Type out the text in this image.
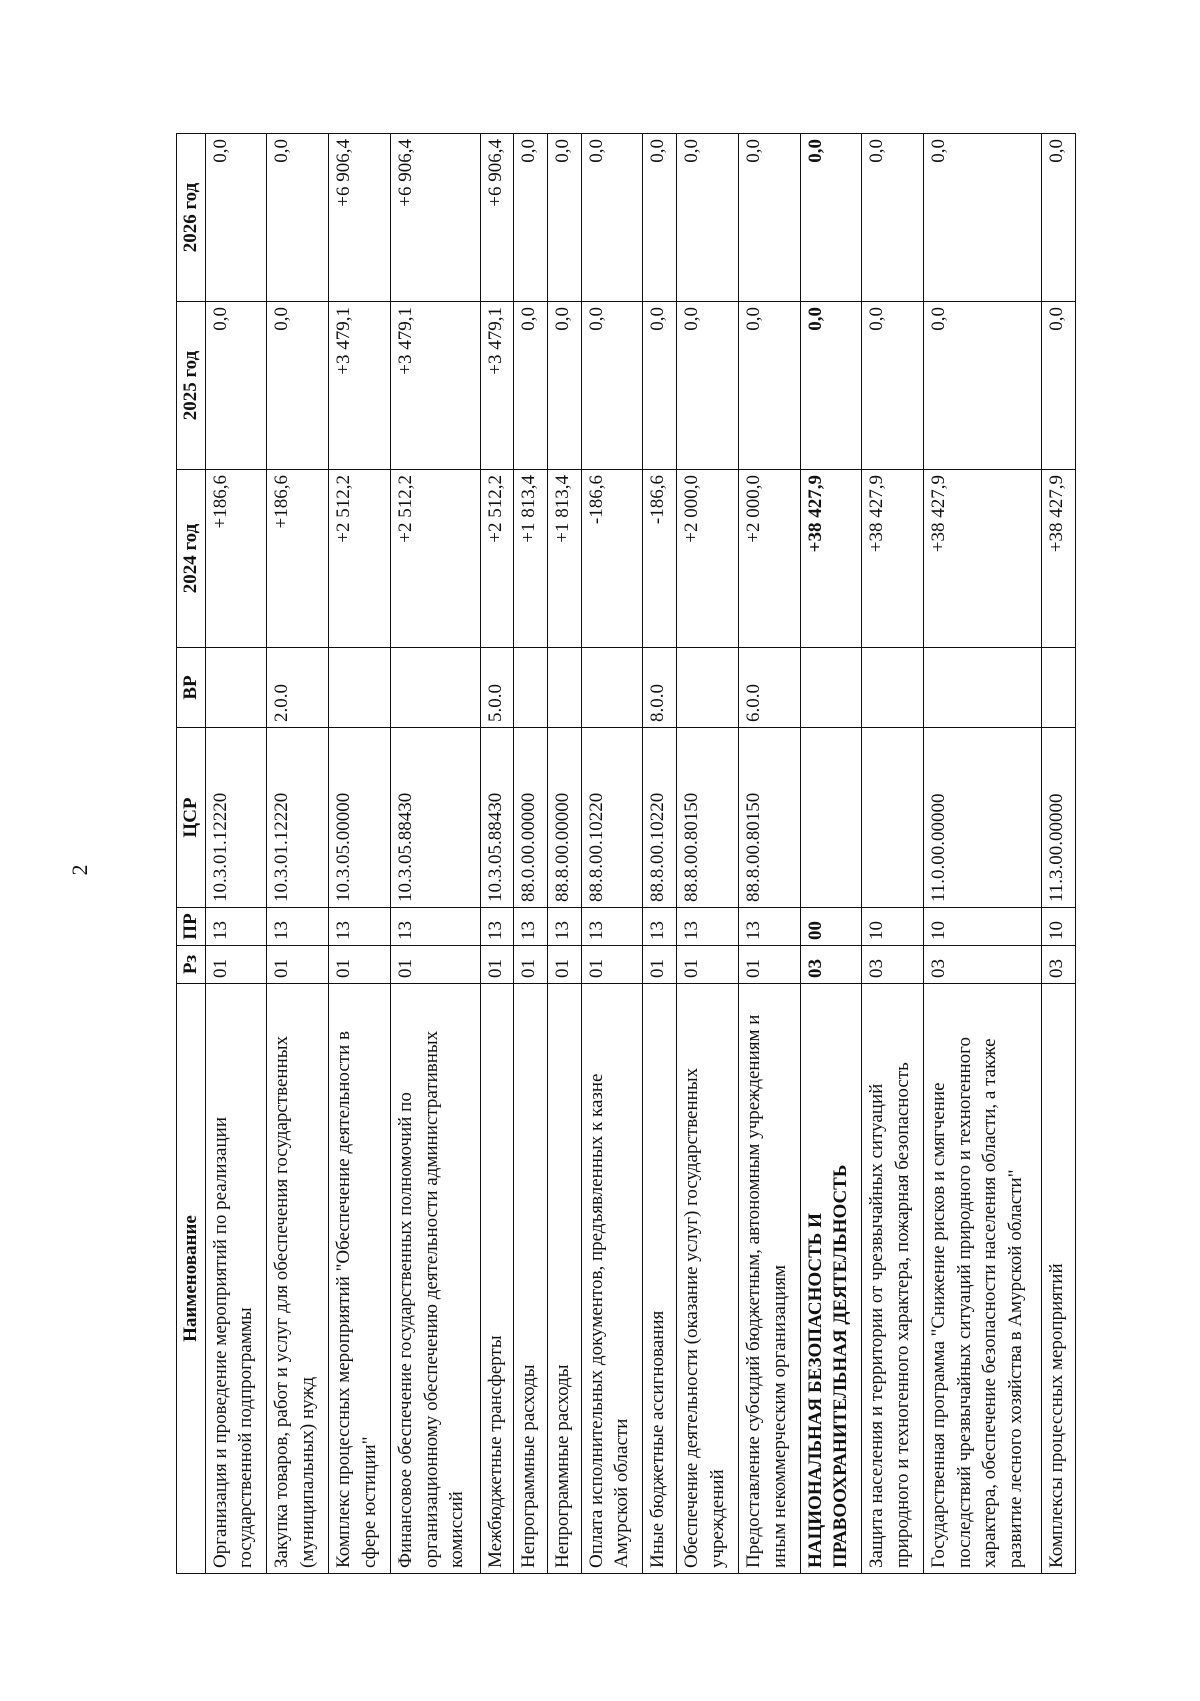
2
Наименование	Рз	ПР	ЦСР	ВР	2024 год	2025 год	2026 год
Организация и проведение мероприятий по реализации государственной подпрограммы	01	13	10.3.01.12220		+186,6	0,0	0,0
Закупка товаров, работ и услуг для обеспечения государственных (муниципальных) нужд	01	13	10.3.01.12220	2.0.0	+186,6	0,0	0,0
Комплекс процессных мероприятий "Обеспечение деятельности в сфере юстиции"	01	13	10.3.05.00000		+2 512,2	+3 479,1	+6 906,4
Финансовое обеспечение государственных полномочий по организационному обеспечению деятельности административных комиссий	01	13	10.3.05.88430		+2 512,2	+3 479,1	+6 906,4
Межбюджетные трансферты	01	13	10.3.05.88430	5.0.0	+2 512,2	+3 479,1	+6 906,4
Непрограммные расходы	01	13	88.0.00.00000		+1 813,4	0,0	0,0
Непрограммные расходы	01	13	88.8.00.00000		+1 813,4	0,0	0,0
Оплата исполнительных документов, предъявленных к казне Амурской области	01	13	88.8.00.10220		-186,6	0,0	0,0
Иные бюджетные ассигнования	01	13	88.8.00.10220	8.0.0	-186,6	0,0	0,0
Обеспечение деятельности (оказание услуг) государственных учреждений	01	13	88.8.00.80150		+2 000,0	0,0	0,0
Предоставление субсидий бюджетным, автономным учреждениям и иным некоммерческим организациям	01	13	88.8.00.80150	6.0.0	+2 000,0	0,0	0,0
НАЦИОНАЛЬНАЯ БЕЗОПАСНОСТЬ И ПРАВООХРАНИТЕЛЬНАЯ ДЕЯТЕЛЬНОСТЬ	03	00			+38 427,9	0,0	0,0
Защита населения и территории от чрезвычайных ситуаций природного и техногенного характера, пожарная безопасность	03	10			+38 427,9	0,0	0,0
Государственная программа "Снижение рисков и смягчение последствий чрезвычайных ситуаций природного и техногенного характера, обеспечение безопасности населения области, а также развитие лесного хозяйства в Амурской области"	03	10	11.0.00.00000		+38 427,9	0,0	0,0
Комплексы процессных мероприятий	03	10	11.3.00.00000		+38 427,9	0,0	0,0
